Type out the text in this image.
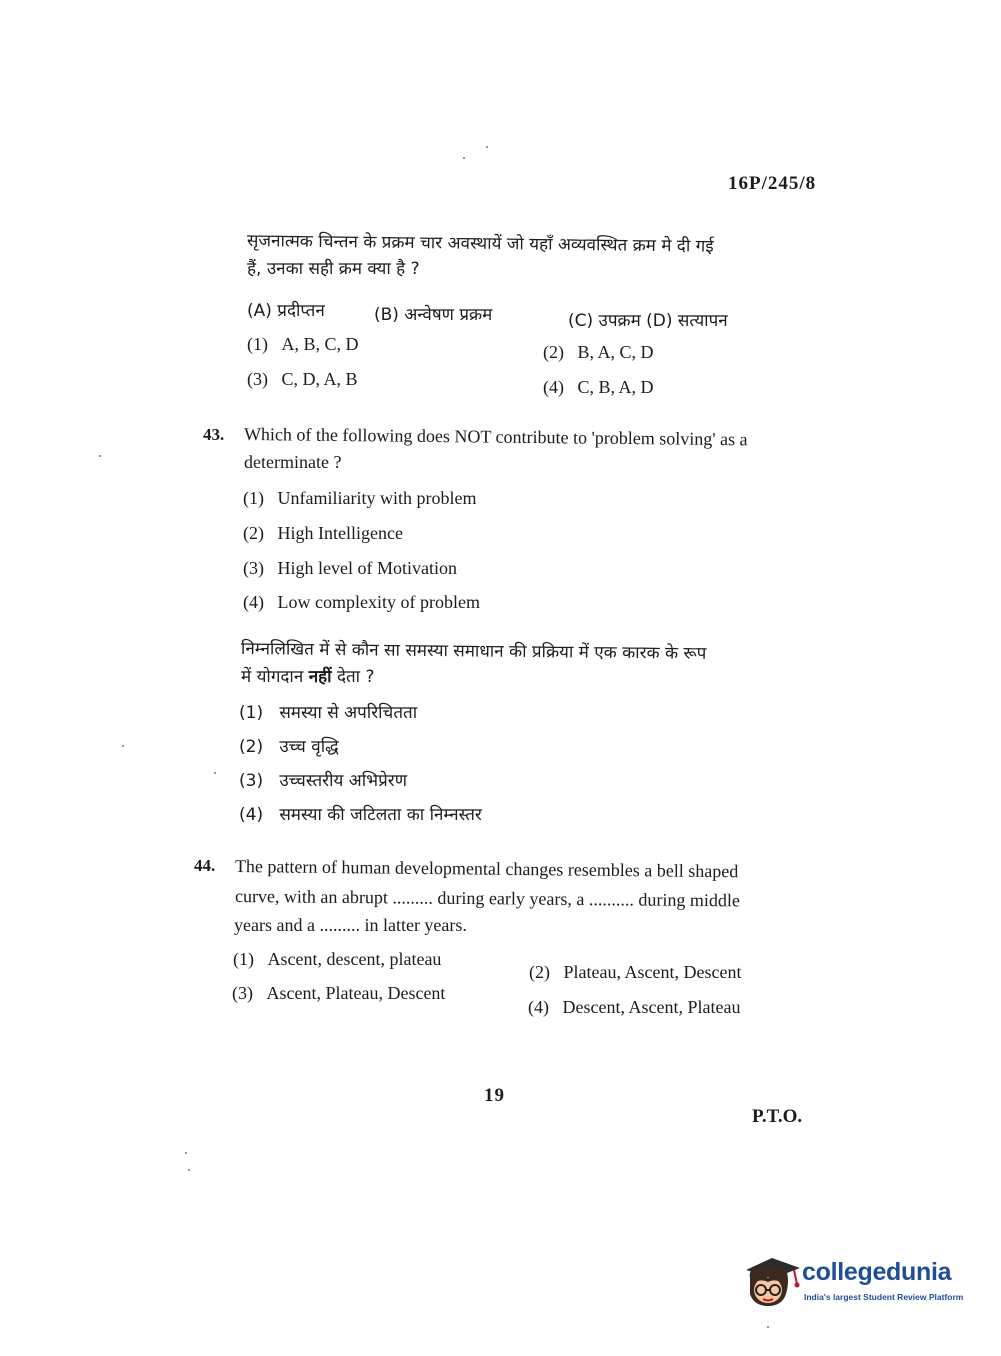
16P/245/8
सृजनात्मक चिन्तन के प्रक्रम चार अवस्थायें जो यहाँ अव्यवस्थित क्रम मे दी गई
हैं, उनका सही क्रम क्या है ?
(A) प्रदीप्तन	(B) अन्वेषण प्रक्रम	(C) उपक्रम (D) सत्यापन
(1) A, B, C, D	(2) B, A, C, D
(3) C, D, A, B	(4) C, B, A, D
43. Which of the following does NOT contribute to 'problem solving' as a
determinate ?
(1) Unfamiliarity with problem
(2) High Intelligence
(3) High level of Motivation
(4) Low complexity of problem
निम्नलिखित में से कौन सा समस्या समाधान की प्रक्रिया में एक कारक के रूप
में योगदान नहीं देता ?
(1) समस्या से अपरिचितता
(2) उच्च वृद्धि
(3) उच्चस्तरीय अभिप्रेरण
(4) समस्या की जटिलता का निम्नस्तर
44. The pattern of human developmental changes resembles a bell shaped
curve, with an abrupt ......... during early years, a .......... during middle
years and a ......... in latter years.
(1) Ascent, descent, plateau
(2) Plateau, Ascent, Descent
(3) Ascent, Plateau, Descent
(4) Descent, Ascent, Plateau
19
P.T.O.
collegedunia
India's largest Student Review Platform
